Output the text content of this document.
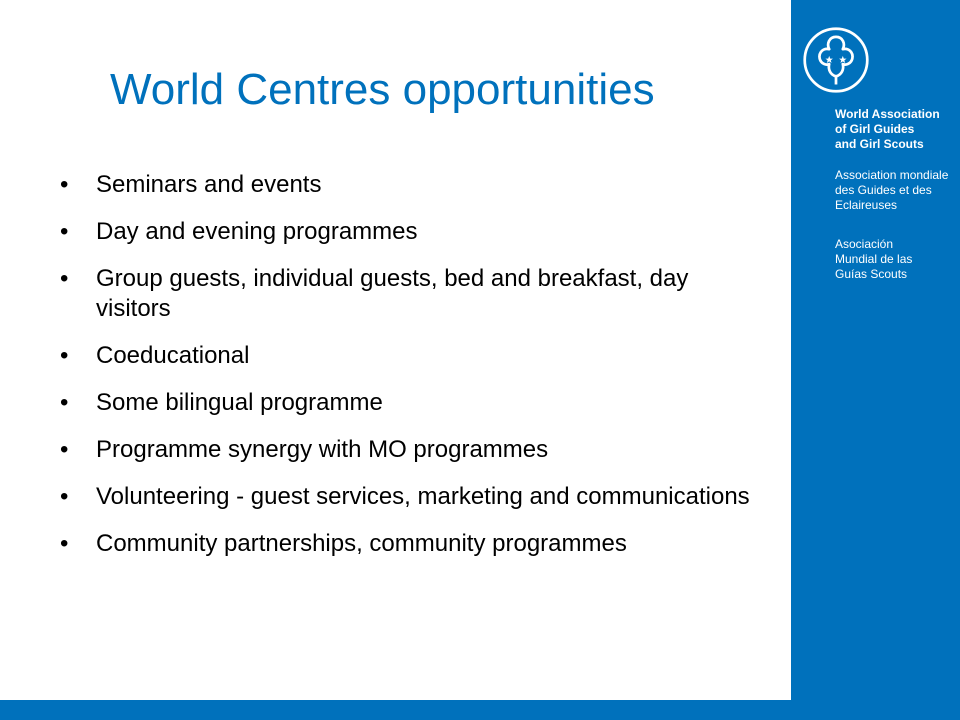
World Centres opportunities
•	Seminars and events
•	Day and evening programmes
•	Group guests, individual guests, bed and breakfast, day visitors
•	Coeducational
•	Some bilingual programme
•	Programme synergy with MO programmes
•	Volunteering - guest services, marketing and communications
•	Community partnerships, community programmes
World Association
of Girl Guides
and Girl Scouts
Association mondiale
des Guides et des
Eclaireuses
Asociación
Mundial de las
Guías Scouts
